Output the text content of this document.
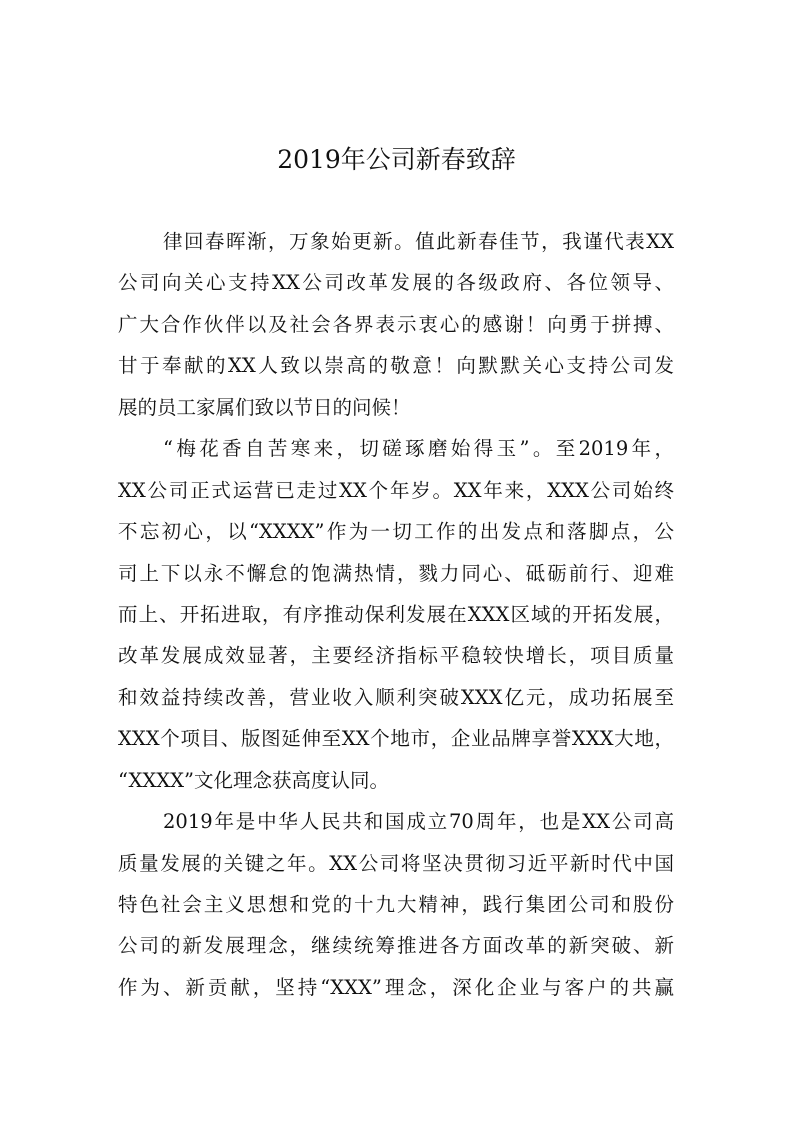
2019年公司新春致辞
律回春晖渐，万象始更新。值此新春佳节，我谨代表XX
公司向关心支持XX公司改革发展的各级政府、各位领导、
广大合作伙伴以及社会各界表示衷心的感谢！向勇于拼搏、
甘于奉献的XX人致以崇高的敬意！向默默关心支持公司发
展的员工家属们致以节日的问候！
“梅花香自苦寒来，切磋琢磨始得玉”。至2019年，
XX公司正式运营已走过XX个年岁。XX年来，XXX公司始终
不忘初心，以“XXXX”作为一切工作的出发点和落脚点，公
司上下以永不懈怠的饱满热情，戮力同心、砥砺前行、迎难
而上、开拓进取，有序推动保利发展在XXX区域的开拓发展，
改革发展成效显著，主要经济指标平稳较快增长，项目质量
和效益持续改善，营业收入顺利突破XXX亿元，成功拓展至
XXX个项目、版图延伸至XX个地市，企业品牌享誉XXX大地，
“XXXX”文化理念获高度认同。
2019年是中华人民共和国成立70周年，也是XX公司高
质量发展的关键之年。XX公司将坚决贯彻习近平新时代中国
特色社会主义思想和党的十九大精神，践行集团公司和股份
公司的新发展理念，继续统筹推进各方面改革的新突破、新
作为、新贡献，坚持“XXX”理念，深化企业与客户的共赢
